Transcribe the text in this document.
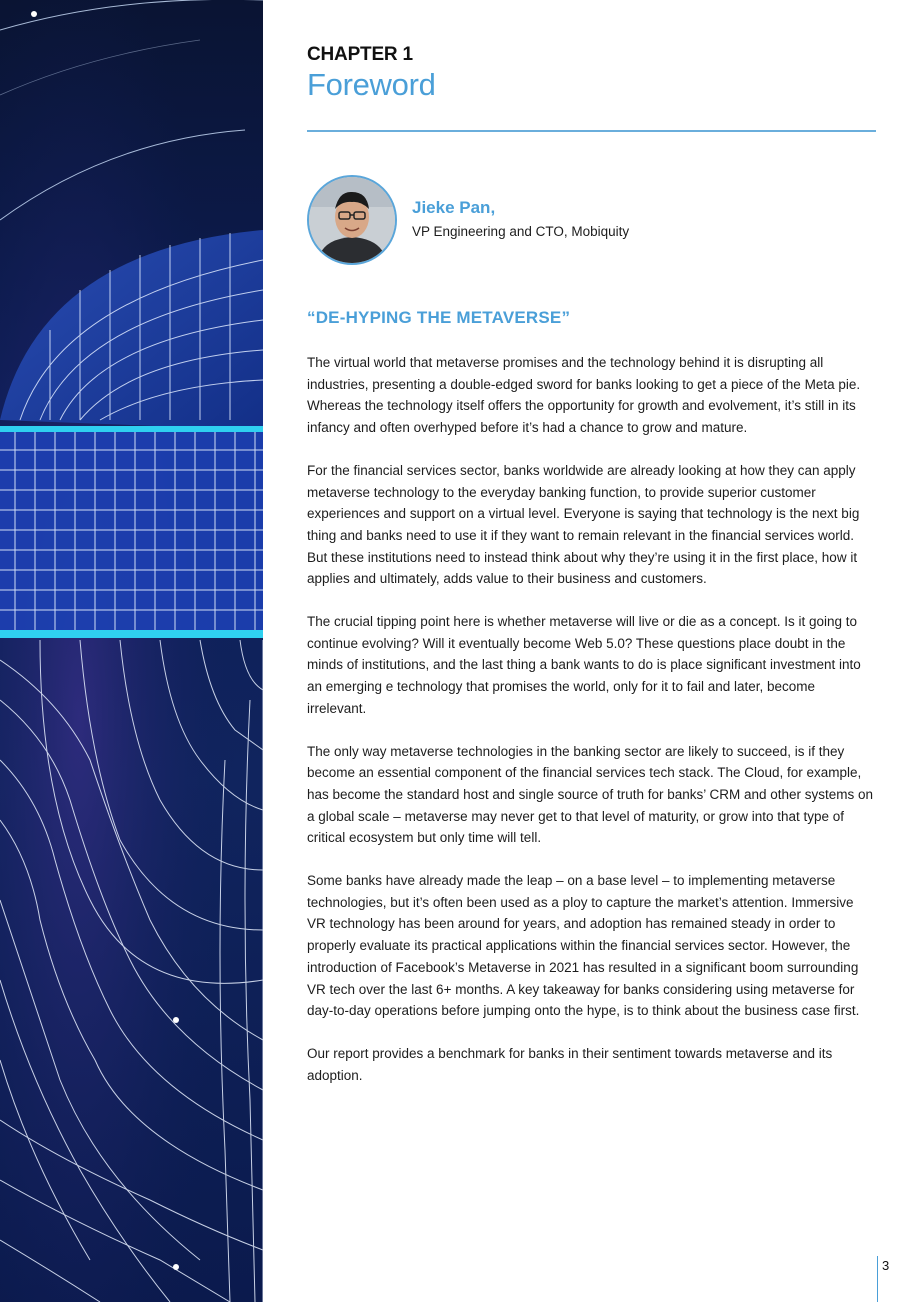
CHAPTER 1
Foreword
Jieke Pan,
VP Engineering and CTO, Mobiquity
“DE-HYPING THE METAVERSE”

The virtual world that metaverse promises and the technology behind it is disrupting all industries, presenting a double-edged sword for banks looking to get a piece of the Meta pie. Whereas the technology itself offers the opportunity for growth and evolvement, it’s still in its infancy and often overhyped before it’s had a chance to grow and mature.

For the financial services sector, banks worldwide are already looking at how they can apply metaverse technology to the everyday banking function, to provide superior customer experiences and support on a virtual level. Everyone is saying that technology is the next big thing and banks need to use it if they want to remain relevant in the financial services world. But these institutions need to instead think about why they’re using it in the first place, how it applies and ultimately, adds value to their business and customers.

The crucial tipping point here is whether metaverse will live or die as a concept. Is it going to continue evolving? Will it eventually become Web 5.0? These questions place doubt in the minds of institutions, and the last thing a bank wants to do is place significant investment into an emerging e technology that promises the world, only for it to fail and later, become irrelevant.

The only way metaverse technologies in the banking sector are likely to succeed, is if they become an essential component of the financial services tech stack. The Cloud, for example, has become the standard host and single source of truth for banks’ CRM and other systems on a global scale – metaverse may never get to that level of maturity, or grow into that type of critical ecosystem but only time will tell.

Some banks have already made the leap – on a base level – to implementing metaverse technologies, but it’s often been used as a ploy to capture the market’s attention. Immersive VR technology has been around for years, and adoption has remained steady in order to properly evaluate its practical applications within the financial services sector. However, the introduction of Facebook’s Metaverse in 2021 has resulted in a significant boom surrounding VR tech over the last 6+ months. A key takeaway for banks considering using metaverse for day-to-day operations before jumping onto the hype, is to think about the business case first.

Our report provides a benchmark for banks in their sentiment towards metaverse and its adoption.

3
